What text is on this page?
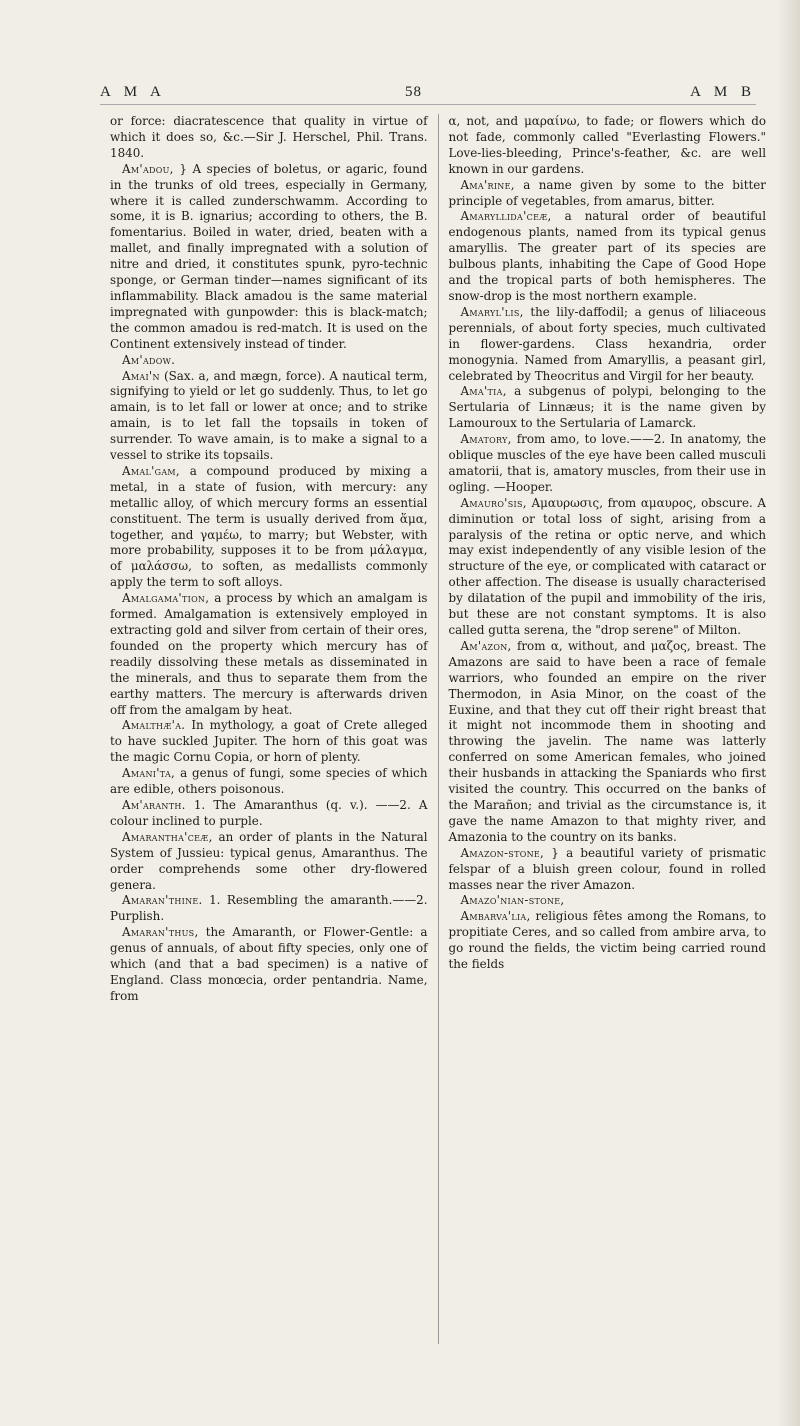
A M A	58	A M B

or force: diacratescence that quality in virtue of which it does so, &c.—Sir J. Herschel, Phil. Trans. 1840.

Am'adou, } A species of boletus, or agaric, found in the trunks of old trees, especially in Germany, where it is called zunderschwamm. According to some, it is B. ignarius; according to others, the B. fomentarius. Boiled in water, dried, beaten with a mallet, and finally impregnated with a solution of nitre and dried, it constitutes spunk, pyro-technic sponge, or German tinder—names significant of its inflammability. Black amadou is the same material impregnated with gunpowder: this is black-match; the common amadou is red-match. It is used on the Continent extensively instead of tinder.

Am'adow.

Amai'n (Sax. a, and mægn, force). A nautical term, signifying to yield or let go suddenly. Thus, to let go amain, is to let fall or lower at once; and to strike amain, is to let fall the topsails in token of surrender. To wave amain, is to make a signal to a vessel to strike its topsails.

Amal'gam, a compound produced by mixing a metal, in a state of fusion, with mercury: any metallic alloy, of which mercury forms an essential constituent. The term is usually derived from ἅμα, together, and γαμέω, to marry; but Webster, with more probability, supposes it to be from μάλαγμα, of μαλάσσω, to soften, as medallists commonly apply the term to soft alloys.

Amalgama'tion, a process by which an amalgam is formed. Amalgamation is extensively employed in extracting gold and silver from certain of their ores, founded on the property which mercury has of readily dissolving these metals as disseminated in the minerals, and thus to separate them from the earthy matters. The mercury is afterwards driven off from the amalgam by heat.

Amalthæ'a. In mythology, a goat of Crete alleged to have suckled Jupiter. The horn of this goat was the magic Cornu Copia, or horn of plenty.

Amani'ta, a genus of fungi, some species of which are edible, others poisonous.

Am'aranth. 1. The Amaranthus (q. v.). ——2. A colour inclined to purple.

Amaranthα'ceæ, an order of plants in the Natural System of Jussieu: typical genus, Amaranthus. The order comprehends some other dry-flowered genera.

Amaran'thine. 1. Resembling the amaranth.——2. Purplish.

Amaran'thus, the Amaranth, or Flower-Gentle: a genus of annuals, of about fifty species, only one of which (and that a bad specimen) is a native of England. Class monœcia, order pentandria. Name, from

α, not, and μαραίνω, to fade; or flowers which do not fade, commonly called "Everlasting Flowers." Love-lies-bleeding, Prince's-feather, &c. are well known in our gardens.

Ama'rine, a name given by some to the bitter principle of vegetables, from amarus, bitter.

Amaryllida'ceæ, a natural order of beautiful endogenous plants, named from its typical genus amaryllis. The greater part of its species are bulbous plants, inhabiting the Cape of Good Hope and the tropical parts of both hemispheres. The snow-drop is the most northern example.

Amaryl'lis, the lily-daffodil; a genus of liliaceous perennials, of about forty species, much cultivated in flower-gardens. Class hexandria, order monogynia. Named from Amaryllis, a peasant girl, celebrated by Theocritus and Virgil for her beauty.

Ama'tia, a subgenus of polypi, belonging to the Sertularia of Linnæus; it is the name given by Lamouroux to the Sertularia of Lamarck.

Amatory, from amo, to love.——2. In anatomy, the oblique muscles of the eye have been called musculi amatorii, that is, amatory muscles, from their use in ogling. —Hooper.

Amauro'sis, Αμαυρωσις, from αμαυρος, obscure. A diminution or total loss of sight, arising from a paralysis of the retina or optic nerve, and which may exist independently of any visible lesion of the structure of the eye, or complicated with cataract or other affection. The disease is usually characterised by dilatation of the pupil and immobility of the iris, but these are not constant symptoms. It is also called gutta serena, the "drop serene" of Milton.

Am'azon, from α, without, and μαζος, breast. The Amazons are said to have been a race of female warriors, who founded an empire on the river Thermodon, in Asia Minor, on the coast of the Euxine, and that they cut off their right breast that it might not incommode them in shooting and throwing the javelin. The name was latterly conferred on some American females, who joined their husbands in attacking the Spaniards who first visited the country. This occurred on the banks of the Marañon; and trivial as the circumstance is, it gave the name Amazon to that mighty river, and Amazonia to the country on its banks.

Amazon-stone, } a beautiful variety of prismatic felspar of a bluish green colour, found in rolled masses near the river Amazon.

Amazo'nian-stone,

Ambarva'lia, religious fêtes among the Romans, to propitiate Ceres, and so called from ambire arva, to go round the fields, the victim being carried round the fields
